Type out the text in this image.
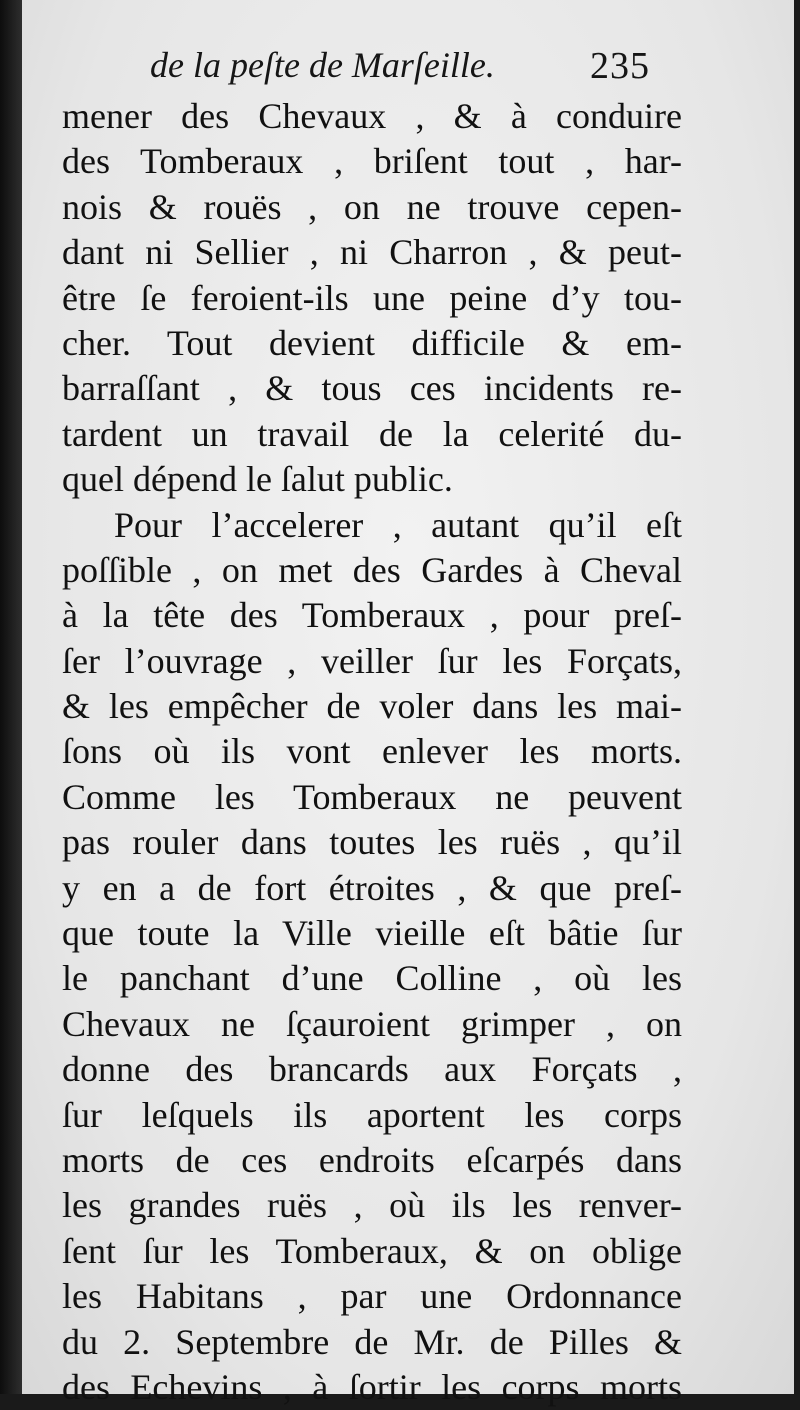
de la peſte de Marſeille.	235
mener des Chevaux , & à conduire
des Tomberaux , briſent tout , har-
nois & rouës , on ne trouve cepen-
dant ni Sellier , ni Charron , & peut-
être ſe feroient-ils une peine d’y tou-
cher. Tout devient difficile & em-
barraſſant , & tous ces incidents re-
tardent un travail de la celerité du-
quel dépend le ſalut public.
Pour l’accelerer , autant qu’il eſt
poſſible , on met des Gardes à Cheval
à la tête des Tomberaux , pour preſ-
ſer l’ouvrage , veiller ſur les Forçats,
& les empêcher de voler dans les mai-
ſons où ils vont enlever les morts.
Comme les Tomberaux ne peuvent
pas rouler dans toutes les ruës , qu’il
y en a de fort étroites , & que preſ-
que toute la Ville vieille eſt bâtie ſur
le panchant d’une Colline , où les
Chevaux ne ſçauroient grimper , on
donne des brancards aux Forçats ,
ſur leſquels ils aportent les corps
morts de ces endroits eſcarpés dans
les grandes ruës , où ils les renver-
ſent ſur les Tomberaux, & on oblige
les Habitans , par une Ordonnance
du 2. Septembre de Mr. de Pilles &
des Echevins , à ſortir les corps morts
